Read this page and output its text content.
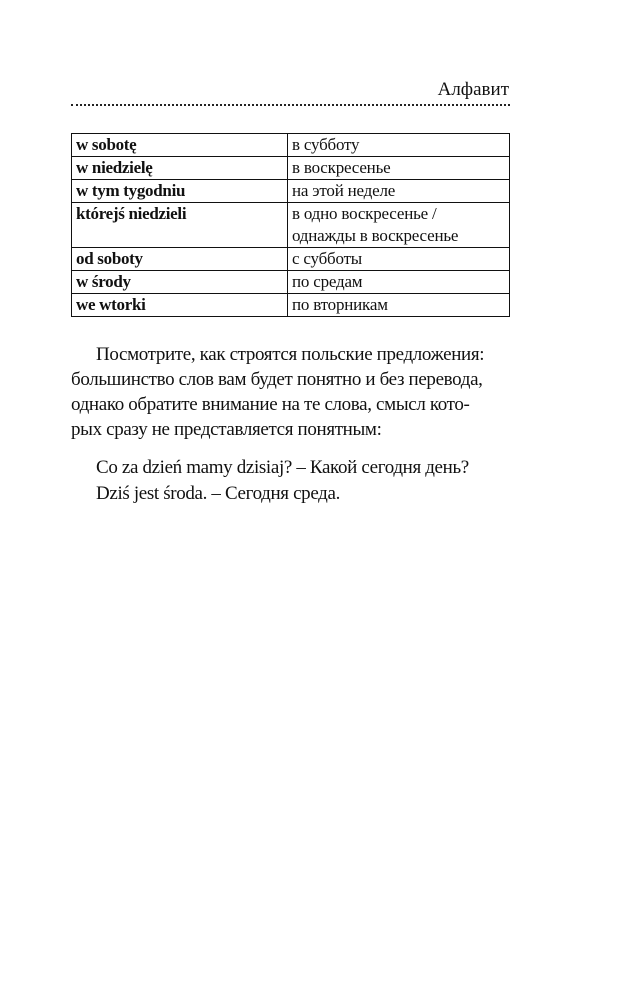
Алфавит
w sobotę	в субботу
w niedzielę	в воскресенье
w tym tygodniu	на этой неделе
którejś niedzieli	в одно воскресенье /
однажды в воскресенье

od soboty	с субботы
w środy	по средам
we wtorki	по вторникам

Посмотрите, как строятся польские предложения:
большинство слов вам будет понятно и без перевода,
однако обратите внимание на те слова, смысл кото-
рых сразу не представляется понятным:

Co za dzień mamy dzisiaj? – Какой сегодня день?
Dziś jest środa. – Сегодня среда.
